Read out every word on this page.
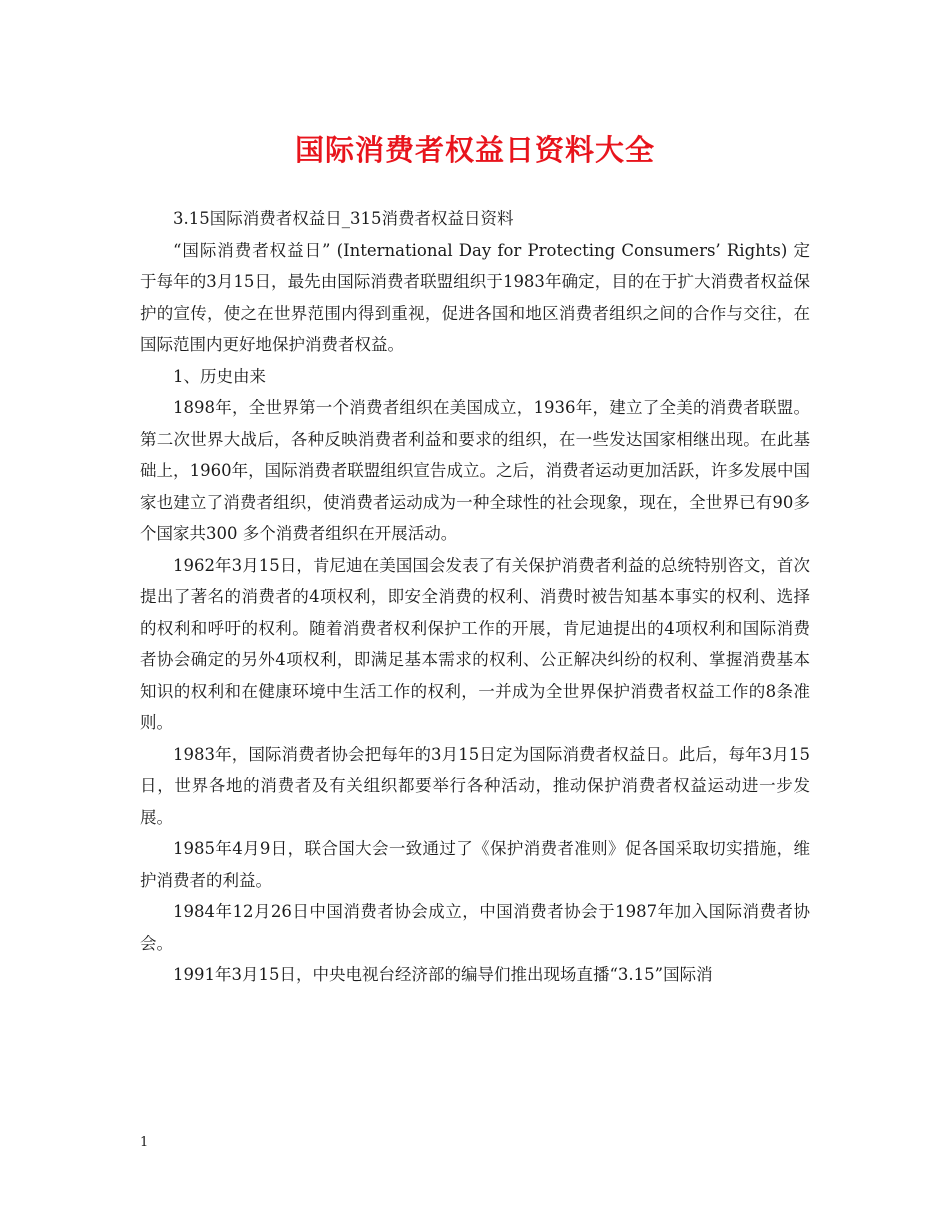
国际消费者权益日资料大全

3.15国际消费者权益日_315消费者权益日资料

“国际消费者权益日” (International Day for Protecting Consumers’ Rights) 定于每年的3月15日，最先由国际消费者联盟组织于1983年确定，目的在于扩大消费者权益保护的宣传，使之在世界范围内得到重视，促进各国和地区消费者组织之间的合作与交往，在国际范围内更好地保护消费者权益。

1、历史由来

1898年，全世界第一个消费者组织在美国成立，1936年，建立了全美的消费者联盟。第二次世界大战后，各种反映消费者利益和要求的组织，在一些发达国家相继出现。在此基础上，1960年，国际消费者联盟组织宣告成立。之后，消费者运动更加活跃，许多发展中国家也建立了消费者组织，使消费者运动成为一种全球性的社会现象，现在，全世界已有90多个国家共300 多个消费者组织在开展活动。

1962年3月15日，肯尼迪在美国国会发表了有关保护消费者利益的总统特别咨文，首次提出了著名的消费者的4项权利，即安全消费的权利、消费时被告知基本事实的权利、选择的权利和呼吁的权利。随着消费者权利保护工作的开展，肯尼迪提出的4项权利和国际消费者协会确定的另外4项权利，即满足基本需求的权利、公正解决纠纷的权利、掌握消费基本知识的权利和在健康环境中生活工作的权利，一并成为全世界保护消费者权益工作的8条准则。

1983年，国际消费者协会把每年的3月15日定为国际消费者权益日。此后，每年3月15日，世界各地的消费者及有关组织都要举行各种活动，推动保护消费者权益运动进一步发展。

1985年4月9日，联合国大会一致通过了《保护消费者准则》促各国采取切实措施，维护消费者的利益。

1984年12月26日中国消费者协会成立，中国消费者协会于1987年加入国际消费者协会。

1991年3月15日，中央电视台经济部的编导们推出现场直播“3.15”国际消

1
